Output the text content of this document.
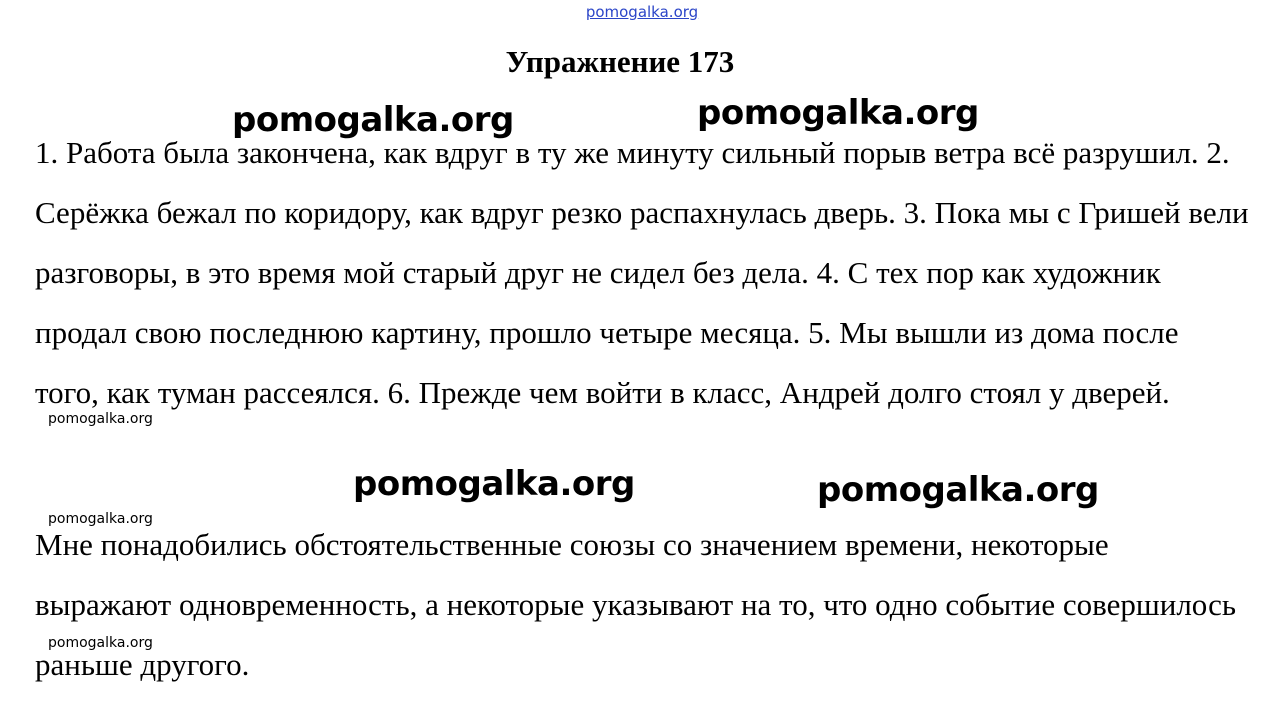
pomogalka.org
Упражнение 173

1. Работа была закончена, как вдруг в ту же минуту сильный порыв ветра всё разрушил. 2. Серёжка бежал по коридору, как вдруг резко распахнулась дверь. 3. Пока мы с Гришей вели разговоры, в это время мой старый друг не сидел без дела. 4. С тех пор как художник продал свою последнюю картину, прошло четыре месяца. 5. Мы вышли из дома после того, как туман рассеялся. 6. Прежде чем войти в класс, Андрей долго стоял у дверей.

Мне понадобились обстоятельственные союзы со значением времени, некоторые выражают одновременность, а некоторые указывают на то, что одно событие совершилось раньше другого.

pomogalka.org	pomogalka.org
pomogalka.org	pomogalka.org
pomogalka.org
pomogalka.org
pomogalka.org
